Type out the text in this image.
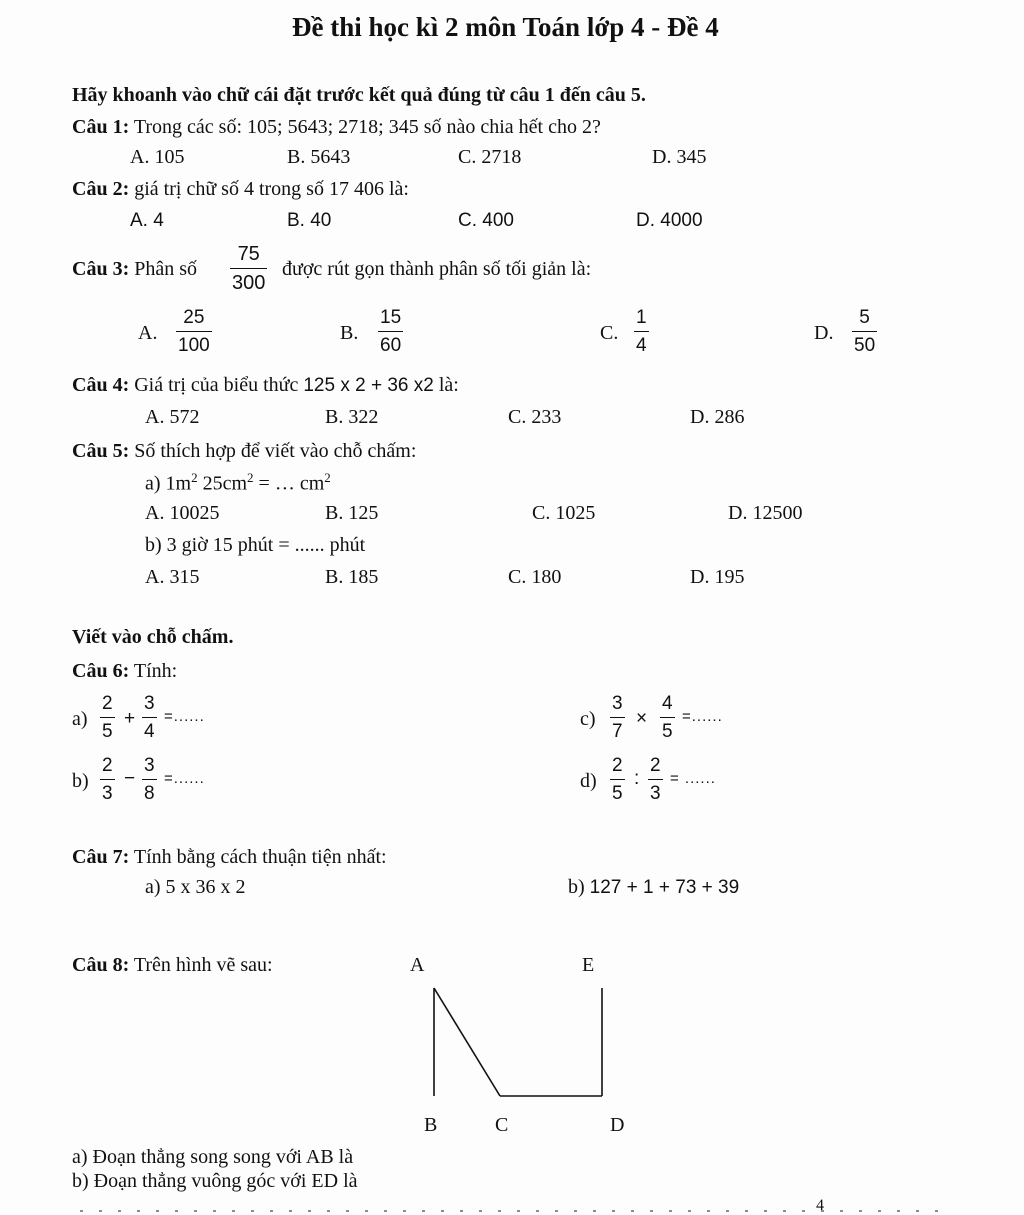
Đề thi học kì 2 môn Toán lớp 4 - Đề 4
Hãy khoanh vào chữ cái đặt trước kết quả đúng từ câu 1 đến câu 5.
Câu 1: Trong các số: 105; 5643; 2718; 345 số nào chia hết cho 2?
A. 105	B. 5643	C. 2718	D. 345
Câu 2: giá trị chữ số 4 trong số 17 406 là:
A. 4	B. 40	C. 400	D. 4000
Câu 3: Phân số $\frac{75}{300}$ được rút gọn thành phân số tối giản là:
A. $\frac{25}{100}$	B. $\frac{15}{60}$	C. $\frac{1}{4}$	D. $\frac{5}{50}$
Câu 4: Giá trị của biểu thức 125 x 2 + 36 x2 là:
A. 572	B. 322	C. 233	D. 286
Câu 5: Số thích hợp để viết vào chỗ chấm:
a) $1m^2$ $25cm^2$ = … $cm^2$
A. 10025	B. 125	C. 1025	D. 12500
b) 3 giờ 15 phút = ...... phút
A. 315	B. 185	C. 180	D. 195
Viết vào chỗ chấm.
Câu 6: Tính:
$a) \frac{2}{5} + \frac{3}{4}$ =......	$c) \frac{3}{7} \times \frac{4}{5}$ =......
$b) \frac{2}{3} - \frac{3}{8}$ =......	$d) \frac{2}{5}$ : $\frac{2}{3}$ = ......
Câu 7: Tính bằng cách thuận tiện nhất:
a) 5 x 36 x 2	b) 127 + 1 + 73 + 39
Câu 8: Trên hình vẽ sau:	A	E
B	C	D
a) Đoạn thẳng song song với AB là
b) Đoạn thẳng vuông góc với ED là
4
